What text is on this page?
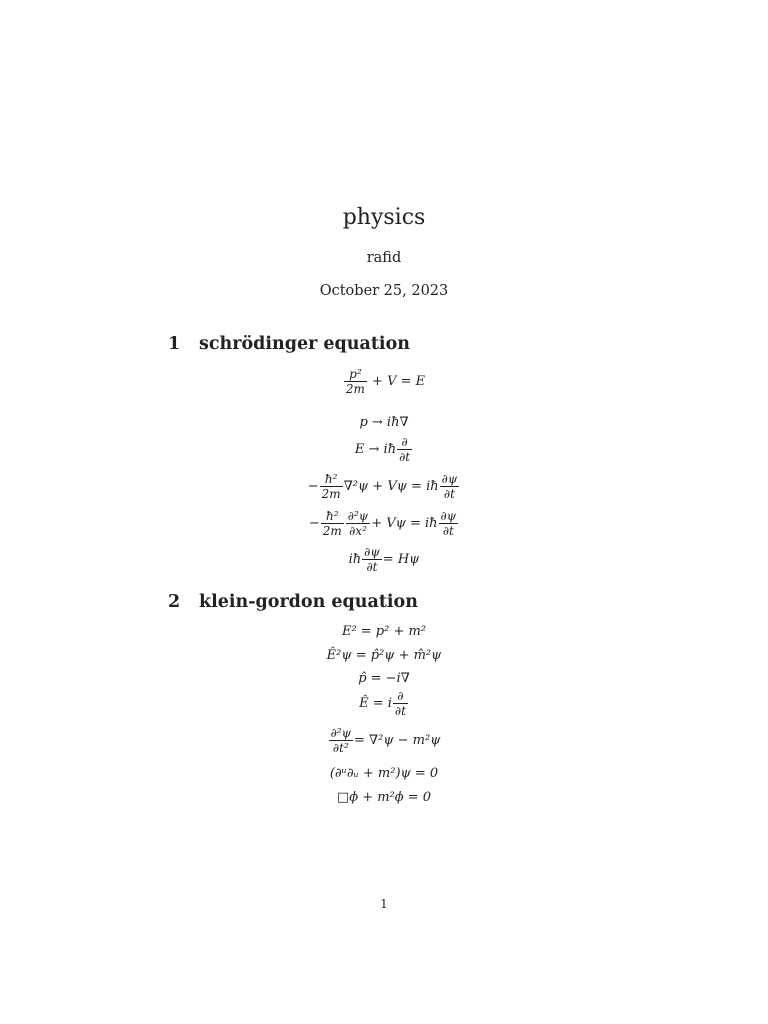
physics
rafid
October 25, 2023
1 schrödinger equation
$\frac{\text{p²}}{2m} + V = E$
p → iħ∇
E → iħ $\frac{\partial}{\partial t}$
− $\frac{\text{ħ²}}{2m} \nabla^2\psi + V\psi$ = iħ $\frac{\partial\psi}{\partial t}$
− $\frac{\text{ħ²}}{2m} \frac{\text{∂²ψ}}{\text{∂x²}} + V\psi$ = iħ $\frac{\partial\psi}{\partial t}$
iħ $\frac{\partial\psi}{\partial t} = H\psi$
2 klein-gordon equation
E² = p² + m²
Ê²ψ = p̂²ψ + m̂²ψ
p̂ = −i∇
Ê = i $\frac{\partial}{\partial t}$
$\frac{\text{∂²ψ}}{\text{∂t²}} = \nabla^2\psi - m^2\psi$
(∂ᵘ∂ᵤ + m²)ψ = 0
□ϕ + m²ϕ = 0
1
